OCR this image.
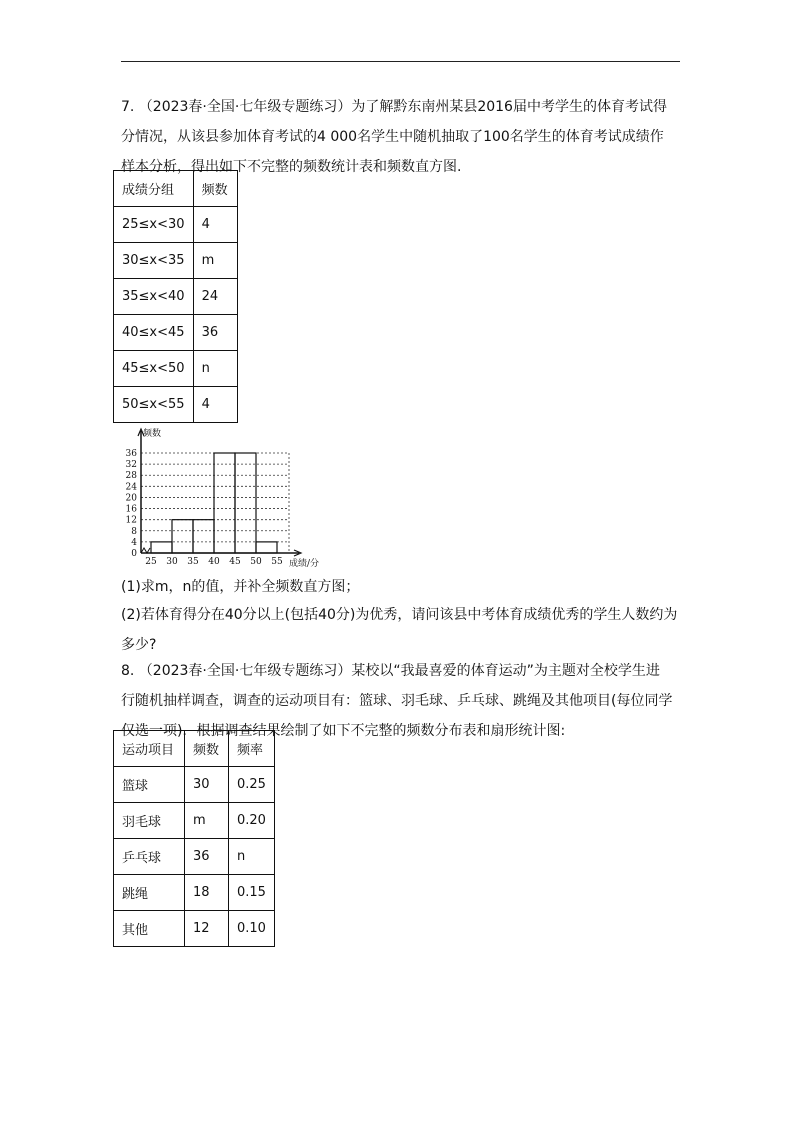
7. （2023春·全国·七年级专题练习）为了解黔东南州某县2016届中考学生的体育考试得
分情况，从该县参加体育考试的4 000名学生中随机抽取了100名学生的体育考试成绩作
样本分析，得出如下不完整的频数统计表和频数直方图.

成绩分组	频数
25≤x<30	4
30≤x<35	m
35≤x<40	24
40≤x<45	36
45≤x<50	n
50≤x<55	4
0
4
8
12
16
20
24
28
32
36
25 30 35 40 45 50 55
频数
成绩/分

(1)求m，n的值，并补全频数直方图；

(2)若体育得分在40分以上(包括40分)为优秀，请问该县中考体育成绩优秀的学生人数约为
多少?

8. （2023春·全国·七年级专题练习）某校以“我最喜爱的体育运动”为主题对全校学生进
行随机抽样调查，调查的运动项目有：篮球、羽毛球、乒乓球、跳绳及其他项目(每位同学
仅选一项)．根据调查结果绘制了如下不完整的频数分布表和扇形统计图:

运动项目	频数	频率
篮球	30	0.25
羽毛球	m	0.20
乒乓球	36	n
跳绳	18	0.15
其他	12	0.10
